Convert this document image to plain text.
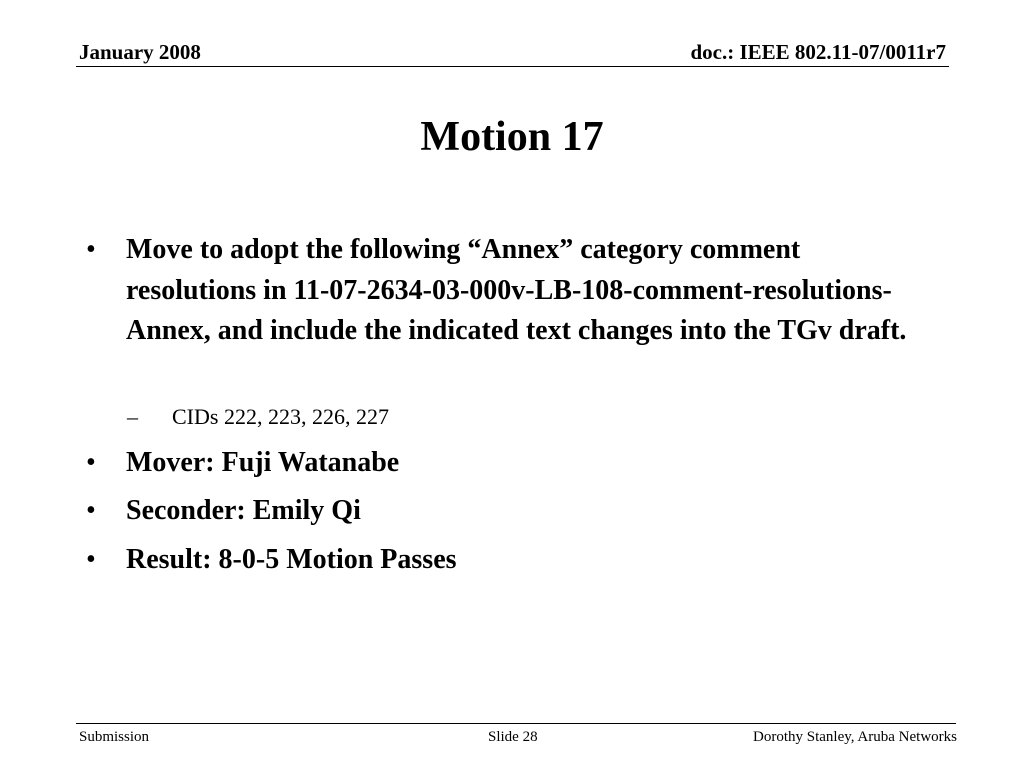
January 2008	doc.: IEEE 802.11-07/0011r7
Motion 17
• Move to adopt the following “Annex” category comment resolutions in 11-07-2634-03-000v-LB-108-comment-resolutions-Annex, and include the indicated text changes into the TGv draft.
– CIDs 222, 223, 226, 227
• Mover: Fuji Watanabe
• Seconder: Emily Qi
• Result: 8-0-5 Motion Passes
Submission	Slide 28	Dorothy Stanley, Aruba Networks
